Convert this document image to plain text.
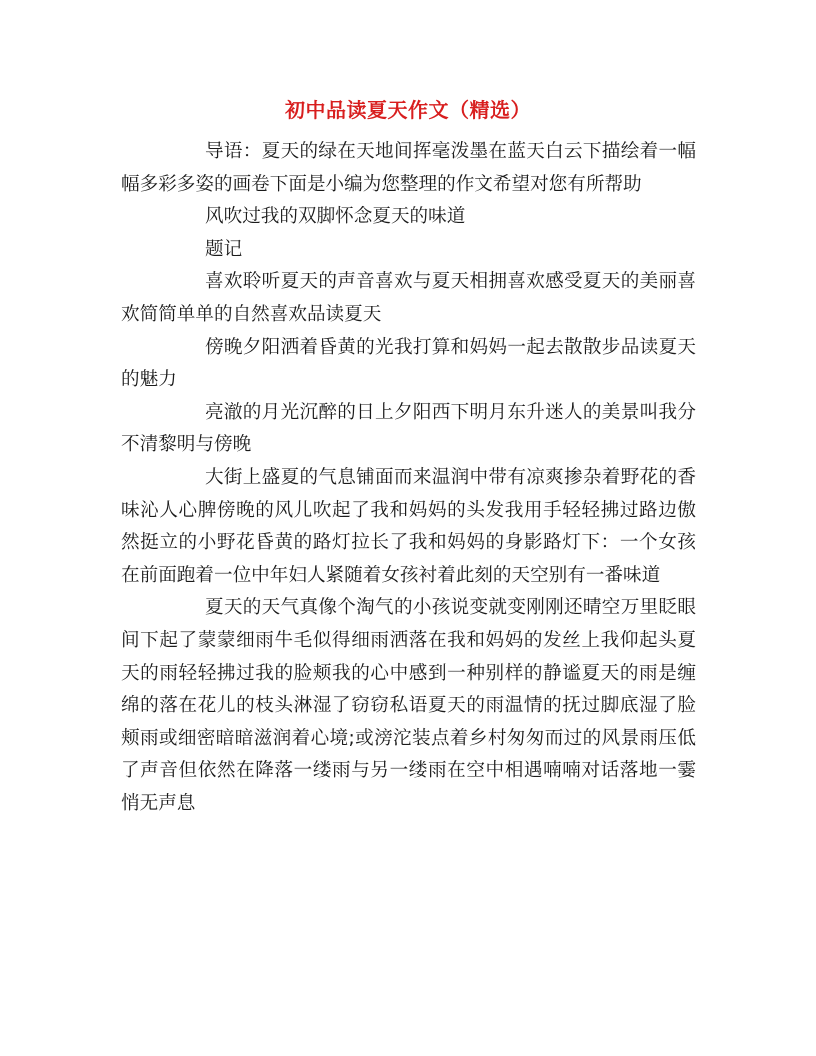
初中品读夏天作文（精选）

导语：夏天的绿在天地间挥毫泼墨在蓝天白云下描绘着一幅幅多彩多姿的画卷下面是小编为您整理的作文希望对您有所帮助

风吹过我的双脚怀念夏天的味道

题记

喜欢聆听夏天的声音喜欢与夏天相拥喜欢感受夏天的美丽喜欢简简单单的自然喜欢品读夏天

傍晚夕阳洒着昏黄的光我打算和妈妈一起去散散步品读夏天的魅力

亮澈的月光沉醉的日上夕阳西下明月东升迷人的美景叫我分不清黎明与傍晚

大街上盛夏的气息铺面而来温润中带有凉爽掺杂着野花的香味沁人心脾傍晚的风儿吹起了我和妈妈的头发我用手轻轻拂过路边傲然挺立的小野花昏黄的路灯拉长了我和妈妈的身影路灯下：一个女孩在前面跑着一位中年妇人紧随着女孩衬着此刻的天空别有一番味道

夏天的天气真像个淘气的小孩说变就变刚刚还晴空万里眨眼间下起了蒙蒙细雨牛毛似得细雨洒落在我和妈妈的发丝上我仰起头夏天的雨轻轻拂过我的脸颊我的心中感到一种别样的静谧夏天的雨是缠绵的落在花儿的枝头淋湿了窃窃私语夏天的雨温情的抚过脚底湿了脸颊雨或细密暗暗滋润着心境;或滂沱装点着乡村匆匆而过的风景雨压低了声音但依然在降落一缕雨与另一缕雨在空中相遇喃喃对话落地一霎悄无声息
